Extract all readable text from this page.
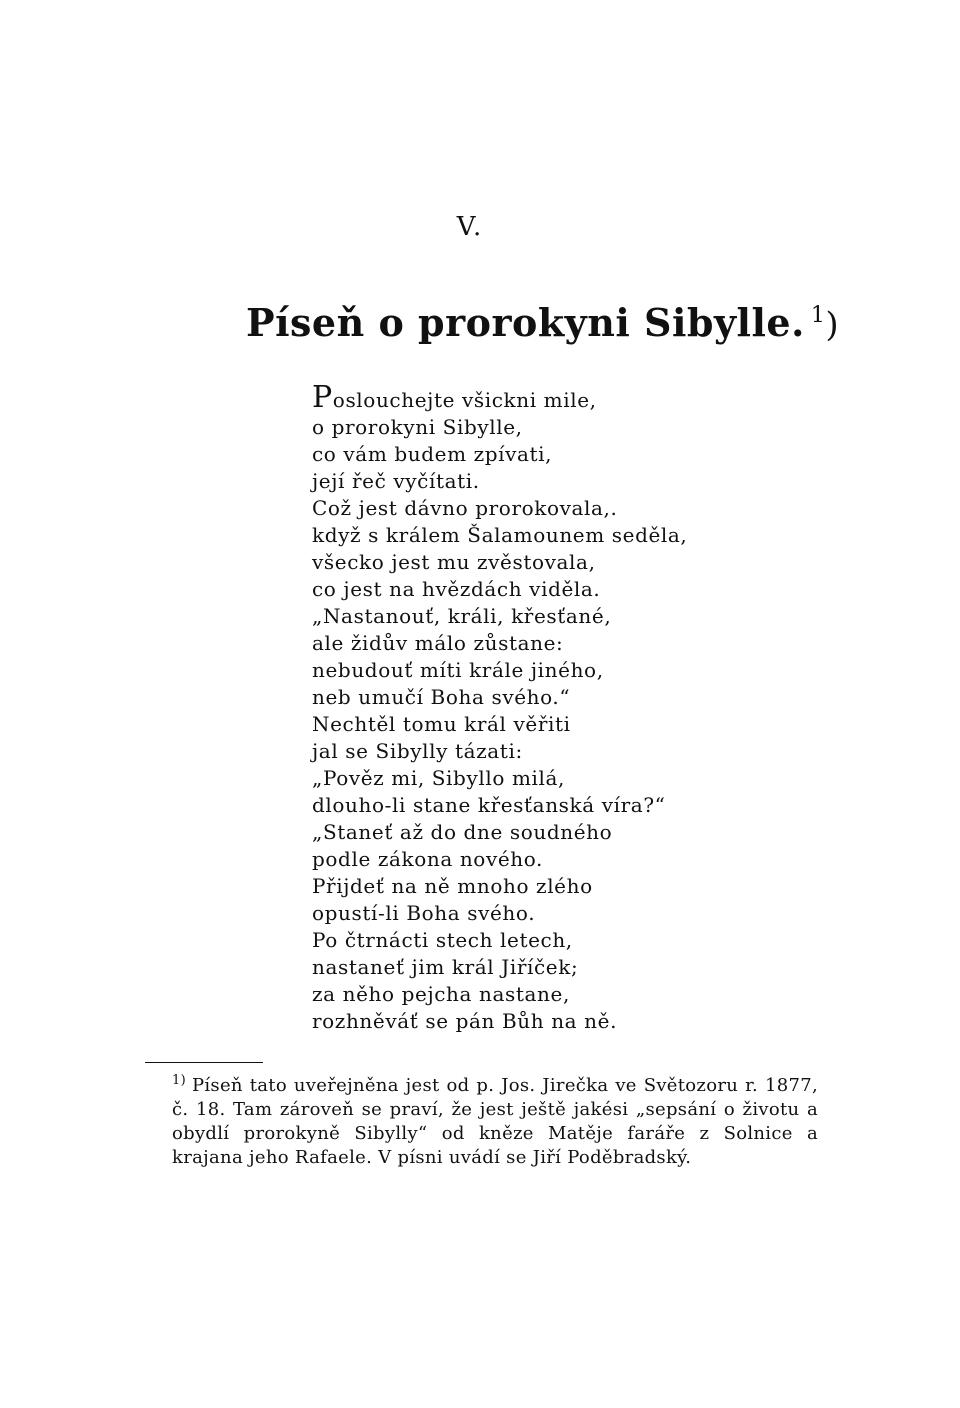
V.
Píseň o prorokyni Sibylle. $^1$)
Poslouchejte všickni mile,
o prorokyni Sibylle,
co vám budem zpívati,
její řeč vyčítati.
Což jest dávno prorokovala,.
když s králem Šalamounem seděla,
všecko jest mu zvěstovala,
co jest na hvězdách viděla.
„Nastanouť, králi, křesťané,
ale židův málo zůstane:
nebudouť míti krále jiného,
neb umučí Boha svého.“
Nechtěl tomu král věřiti
jal se Sibylly tázati:
„Pověz mi, Sibyllo milá,
dlouho-li stane křesťanská víra?“
„Staneť až do dne soudného
podle zákona nového.
Přijdeť na ně mnoho zlého
opustí-li Boha svého.
Po čtrnácti stech letech,
nastaneť jim král Jiříček;
za něho pejcha nastane,
rozhněváť se pán Bůh na ně.
$^{1)}$ Píseň tato uveřejněna jest od p. Jos. Jirečka ve Světozoru r. 1877, č. 18. Tam zároveň se praví, že jest ještě jakési „sepsání o životu a obydlí prorokyně Sibylly“ od kněze Matěje faráře z Solnice a krajana jeho Rafaele. V písni uvádí se Jiří Poděbradský.
